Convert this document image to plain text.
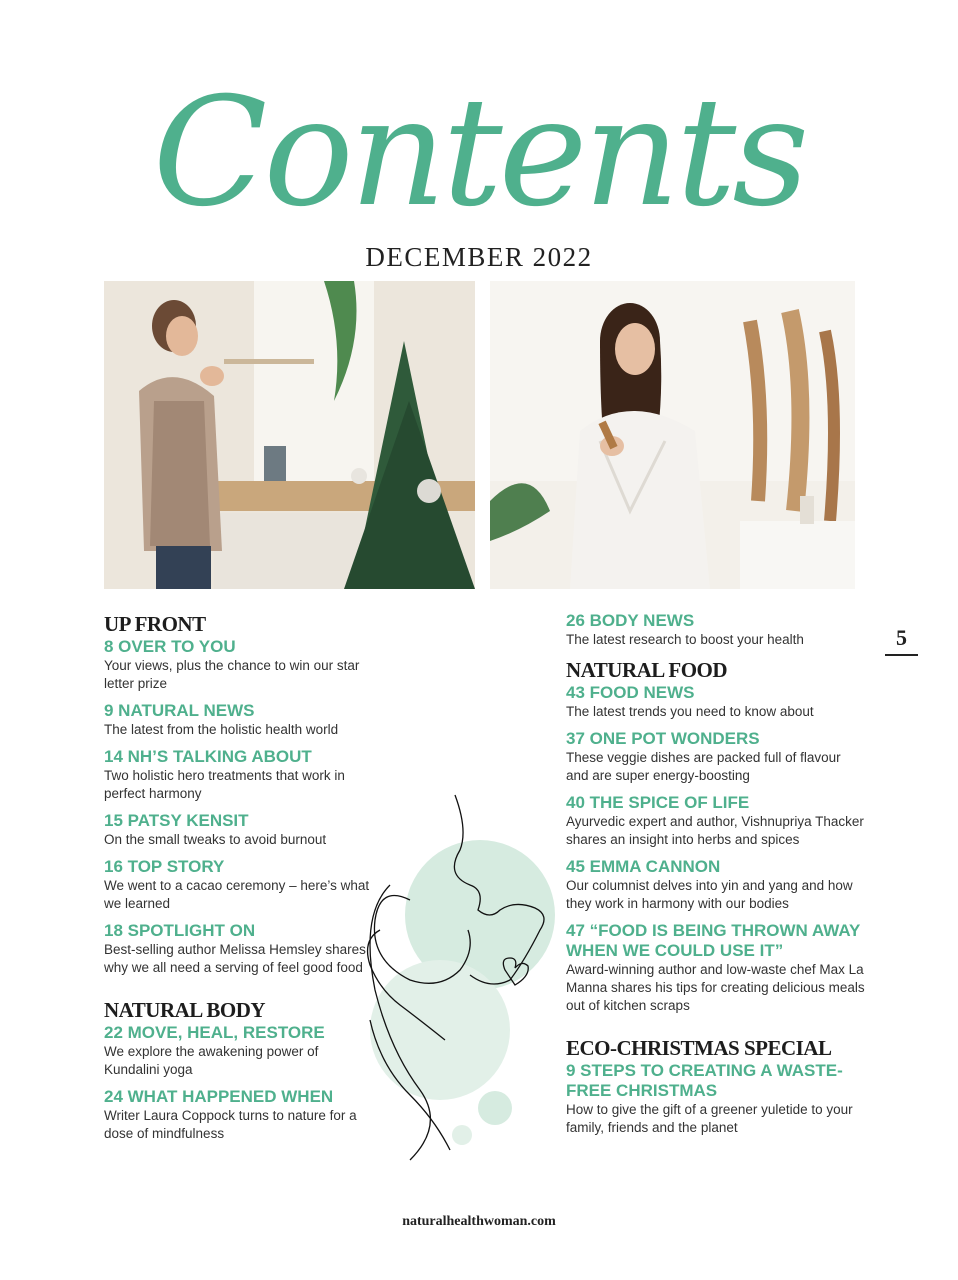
Contents
DECEMBER 2022
UP FRONT

8 OVER TO YOU

Your views, plus the chance to win our star letter prize

9 NATURAL NEWS

The latest from the holistic health world

14 NH’S TALKING ABOUT

Two holistic hero treatments that work in perfect harmony

15 PATSY KENSIT

On the small tweaks to avoid burnout

16 TOP STORY

We went to a cacao ceremony – here’s what we learned

18 SPOTLIGHT ON

Best-selling author Melissa Hemsley shares why we all need a serving of feel good food

NATURAL BODY

22 MOVE, HEAL, RESTORE

We explore the awakening power of Kundalini yoga

24 WHAT HAPPENED WHEN

Writer Laura Coppock turns to nature for a dose of mindfulness

26 BODY NEWS

The latest research to boost your health

NATURAL FOOD

43 FOOD NEWS

The latest trends you need to know about

37 ONE POT WONDERS

These veggie dishes are packed full of flavour and are super energy-boosting

40 THE SPICE OF LIFE

Ayurvedic expert and author, Vishnupriya Thacker shares an insight into herbs and spices

45 EMMA CANNON

Our columnist delves into yin and yang and how they work in harmony with our bodies

47 “FOOD IS BEING THROWN AWAY WHEN WE COULD USE IT”

Award-winning author and low-waste chef Max La Manna shares his tips for creating delicious meals out of kitchen scraps

ECO-CHRISTMAS SPECIAL

9 STEPS TO CREATING A WASTE-FREE CHRISTMAS

How to give the gift of a greener yuletide to your family, friends and the planet

5
naturalhealthwoman.com
